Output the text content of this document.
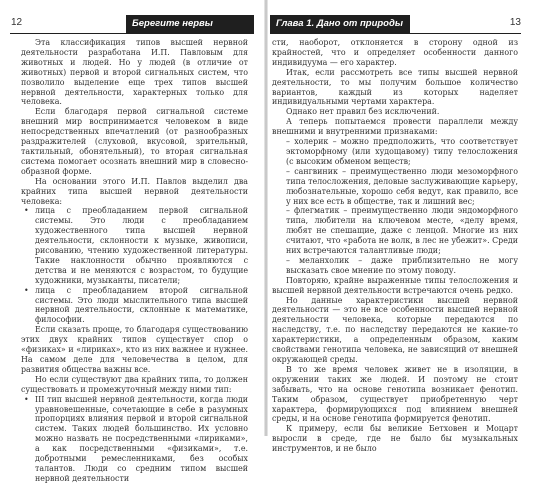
12	Берегите нервы

Эта классификация типов высшей нервной деятельности разработана И.П. Павловым для животных и людей. Но у людей (в отличие от животных) первой и второй сигнальных систем, что позволило выделение еще трех типов высшей нервной деятельности, характерных только для человека.

Если благодаря первой сигнальной системе внешний мир воспринимается человеком в виде непосредственных впечатлений (от разнообразных раздражителей (слуховой, вкусовой, зрительный, тактильный, обонятельный), то вторая сигнальная система помогает осознать внешний мир в словесно-образной форме.

На основании этого И.П. Павлов выделил два крайних типа высшей нервной деятельности человека:

• лица с преобладанием первой сигнальной системы. Это люди с преобладанием художественного типа высшей нервной деятельности, склонности к музыке, живописи, рисованию, чтению художественной литературы. Такие наклонности обычно проявляются с детства и не меняются с возрастом, то будущие художники, музыканты, писатели;

• лица с преобладанием второй сигнальной системы. Это люди мыслительного типа высшей нервной деятельности, склонные к математике, философии.

Если сказать проще, то благодаря существованию этих двух крайних типов существует спор о «физиках» и «лириках», кто из них важнее и нужнее. На самом деле для человечества в целом, для развития общества важны все.

Но если существуют два крайних типа, то должен существовать и промежуточный между ними тип:

• III тип высшей нервной деятельности, когда люди уравновешенные, сочетающие в себе в разумных пропорциях влияния первой и второй сигнальной систем. Таких людей большинство. Их условно можно назвать не посредственными «лириками», а как посредственными «физиками», т.е. добротными ремесленниками, без особых талантов. Люди со средним типом высшей нервной деятельности

13
Глава 1. Дано от природы

сти, наоборот, отклоняется в сторону одной из крайностей, что и определяет особенности данного индивидуума — его характер.

Итак, если рассмотреть все типы высшей нервной деятельности, то мы получим большое количество вариантов, каждый из которых наделяет индивидуальными чертами характера.

Однако нет правил без исключений.

А теперь попытаемся провести параллели между внешними и внутренними признаками:

– холерик – можно предположить, что соответствует эктоморфному (или худощавому) типу телосложения (с высоким обменом веществ;

– сангвиник – преимущественно люди мезоморфного типа телосложения, деловые заслуживающие карьеру, любознательные, хорошо себя ведут, как правило, все у них все есть в обществе, так и лишний вес;

– флегматик – преимущественно люди эндоморфного типа, любители на ключевом месте, «делу время, любят не спешащие, даже с ленцой. Многие из них считают, что «работа не волк, в лес не убежит». Среди них встречаются талантливые люди;

– меланхолик – даже приблизительно не могу высказать свое мнение по этому поводу.

Повторяю, крайне выраженные типы телосложения и высшей нервной деятельности встречаются очень редко.

Но данные характеристики высшей нервной деятельности — это не все особенности высшей нервной деятельности человека, которые передаются по наследству, т.е. по наследству передаются не какие-то характеристики, а определенным образом, каким свойствами генотипа человека, не зависящий от внешней окружающей среды.

В то же время человек живет не в изоляции, в окружении таких же людей. И поэтому не стоит забывать, что на основе генотипа возникает фенотип. Таким образом, существует приобретенную черт характера, формирующихся под влиянием внешней среды, и на основе генотипа формируется фенотип.

К примеру, если бы великие Бетховен и Моцарт выросли в среде, где не было бы музыкальных инструментов, и не было
